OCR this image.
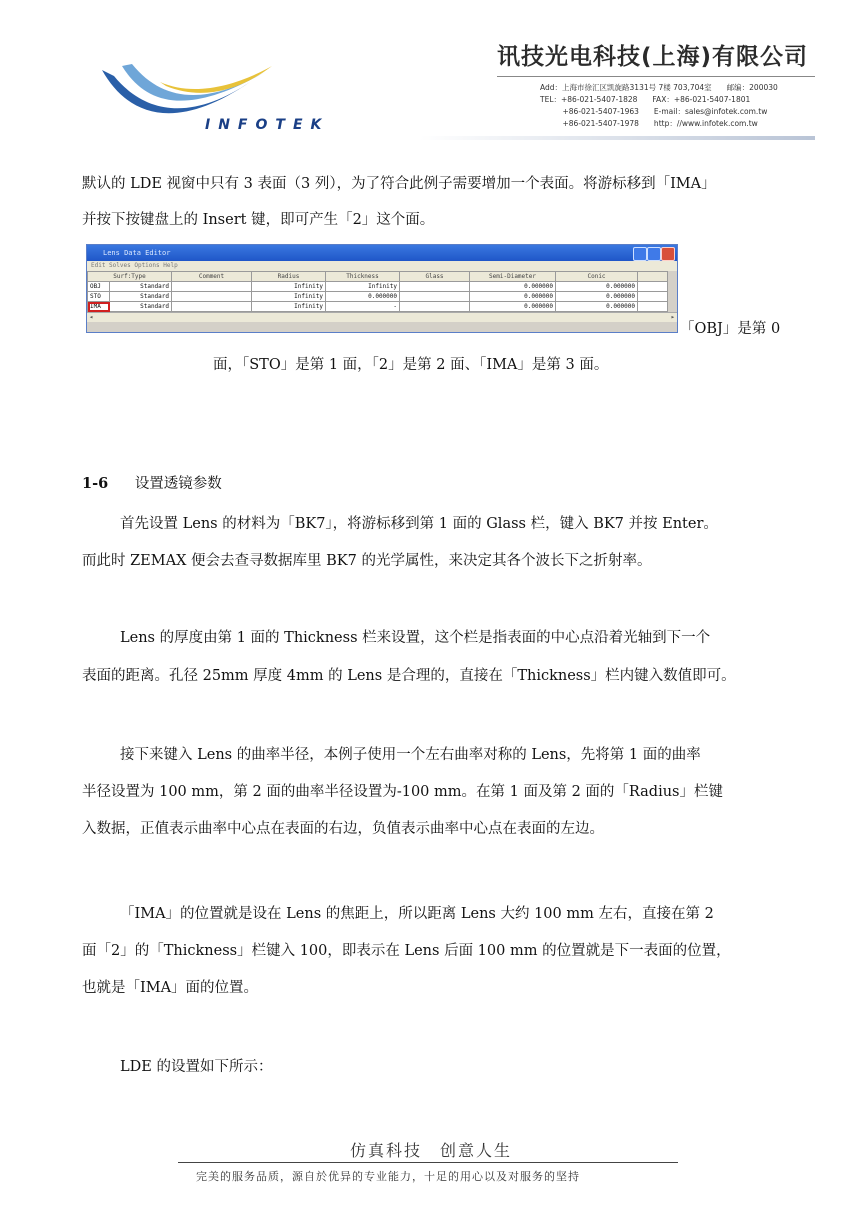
INFOTEK
讯技光电科技(上海)有限公司
Add：上海市徐汇区凯旋路3131号 7楼 703,704室　　邮编：200030
TEL：+86-021-5407-1828　　FAX：+86-021-5407-1801
　　　+86-021-5407-1963　　E-mail：sales@infotek.com.tw
　　　+86-021-5407-1978　　http：//www.infotek.com.tw
默认的 LDE 视窗中只有 3 表面（3 列），为了符合此例子需要增加一个表面。将游标移到「IMA」
并按下按键盘上的 Insert 键，即可产生「2」这个面。
Lens Data Editor
Edit Solves Options Help
Surf:Type		Comment	Radius	Thickness	Glass	Semi-Diameter	Conic	
OBJ	Standard		Infinity	Infinity		0.000000	0.000000	
STO	Standard		Infinity	0.000000		0.000000	0.000000	
IMA	Standard		Infinity	-		0.000000	0.000000	
◂	▸
「OBJ」是第 0
面，「STO」是第 1 面，「2」是第 2 面、「IMA」是第 3 面。
1-6 设置透镜参数
首先设置 Lens 的材料为「BK7」，将游标移到第 1 面的 Glass 栏，键入 BK7 并按 Enter。
而此时 ZEMAX 便会去查寻数据库里 BK7 的光学属性，来决定其各个波长下之折射率。
Lens 的厚度由第 1 面的 Thickness 栏来设置，这个栏是指表面的中心点沿着光轴到下一个
表面的距离。孔径 25mm 厚度 4mm 的 Lens 是合理的，直接在「Thickness」栏内键入数值即可。
接下来键入 Lens 的曲率半径，本例子使用一个左右曲率对称的 Lens，先将第 1 面的曲率
半径设置为 100 mm，第 2 面的曲率半径设置为-100 mm。在第 1 面及第 2 面的「Radius」栏键
入数据，正值表示曲率中心点在表面的右边，负值表示曲率中心点在表面的左边。
「IMA」的位置就是设在 Lens 的焦距上，所以距离 Lens 大约 100 mm 左右，直接在第 2
面「2」的「Thickness」栏键入 100，即表示在 Lens 后面 100 mm 的位置就是下一表面的位置，
也就是「IMA」面的位置。
LDE 的设置如下所示：
仿真科技　创意人生
完美的服务品质，源自於优异的专业能力，十足的用心以及对服务的坚持
